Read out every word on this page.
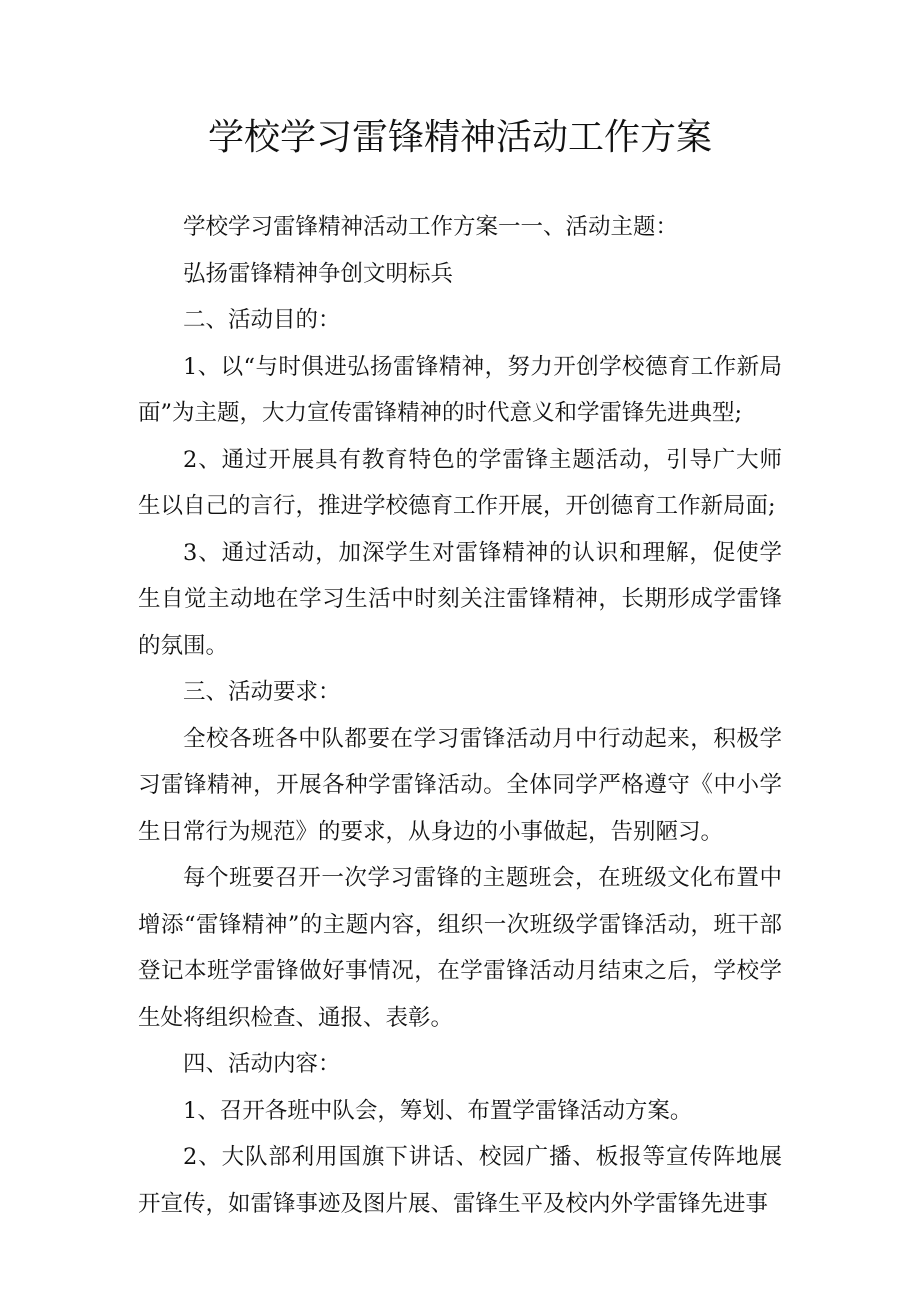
学校学习雷锋精神活动工作方案

学校学习雷锋精神活动工作方案一一、活动主题：

弘扬雷锋精神争创文明标兵

二、活动目的：

1、以“与时俱进弘扬雷锋精神，努力开创学校德育工作新局面”为主题，大力宣传雷锋精神的时代意义和学雷锋先进典型;

2、通过开展具有教育特色的学雷锋主题活动，引导广大师生以自己的言行，推进学校德育工作开展，开创德育工作新局面;

3、通过活动，加深学生对雷锋精神的认识和理解，促使学生自觉主动地在学习生活中时刻关注雷锋精神，长期形成学雷锋的氛围。

三、活动要求：

全校各班各中队都要在学习雷锋活动月中行动起来，积极学习雷锋精神，开展各种学雷锋活动。全体同学严格遵守《中小学生日常行为规范》的要求，从身边的小事做起，告别陋习。

每个班要召开一次学习雷锋的主题班会，在班级文化布置中增添“雷锋精神”的主题内容，组织一次班级学雷锋活动，班干部登记本班学雷锋做好事情况，在学雷锋活动月结束之后，学校学生处将组织检查、通报、表彰。

四、活动内容：

1、召开各班中队会，筹划、布置学雷锋活动方案。

2、大队部利用国旗下讲话、校园广播、板报等宣传阵地展开宣传，如雷锋事迹及图片展、雷锋生平及校内外学雷锋先进事
